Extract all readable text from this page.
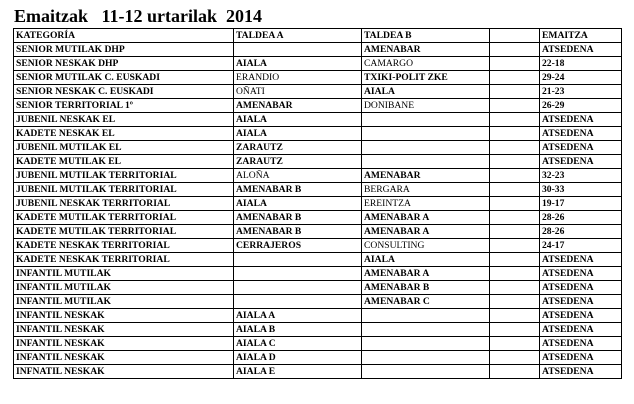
Emaitzak   11-12 urtarilak  2014
KATEGORÍA	TALDEA A	TALDEA B		EMAITZA
SENIOR MUTILAK DHP		AMENABAR		ATSEDENA
SENIOR NESKAK DHP	AIALA	CAMARGO		22-18
SENIOR MUTILAK C. EUSKADI	ERANDIO	TXIKI-POLIT ZKE		29-24
SENIOR NESKAK C. EUSKADI	OÑATI	AIALA		21-23
SENIOR TERRITORIAL 1º	AMENABAR	DONIBANE		26-29
JUBENIL NESKAK EL	AIALA			ATSEDENA
KADETE NESKAK EL	AIALA			ATSEDENA
JUBENIL MUTILAK EL	ZARAUTZ			ATSEDENA
KADETE MUTILAK EL	ZARAUTZ			ATSEDENA
JUBENIL MUTILAK TERRITORIAL	ALOÑA	AMENABAR		32-23
JUBENIL MUTILAK TERRITORIAL	AMENABAR B	BERGARA		30-33
JUBENIL NESKAK TERRITORIAL	AIALA	EREINTZA		19-17
KADETE MUTILAK TERRITORIAL	AMENABAR B	AMENABAR A		28-26
KADETE MUTILAK TERRITORIAL	AMENABAR B	AMENABAR A		28-26
KADETE NESKAK TERRITORIAL	CERRAJEROS	CONSULTING		24-17
KADETE NESKAK TERRITORIAL		AIALA		ATSEDENA
INFANTIL MUTILAK		AMENABAR A		ATSEDENA
INFANTIL MUTILAK		AMENABAR B		ATSEDENA
INFANTIL MUTILAK		AMENABAR C		ATSEDENA
INFANTIL NESKAK	AIALA A			ATSEDENA
INFANTIL NESKAK	AIALA B			ATSEDENA
INFANTIL NESKAK	AIALA C			ATSEDENA
INFANTIL NESKAK	AIALA D			ATSEDENA
INFNATIL NESKAK	AIALA E			ATSEDENA
